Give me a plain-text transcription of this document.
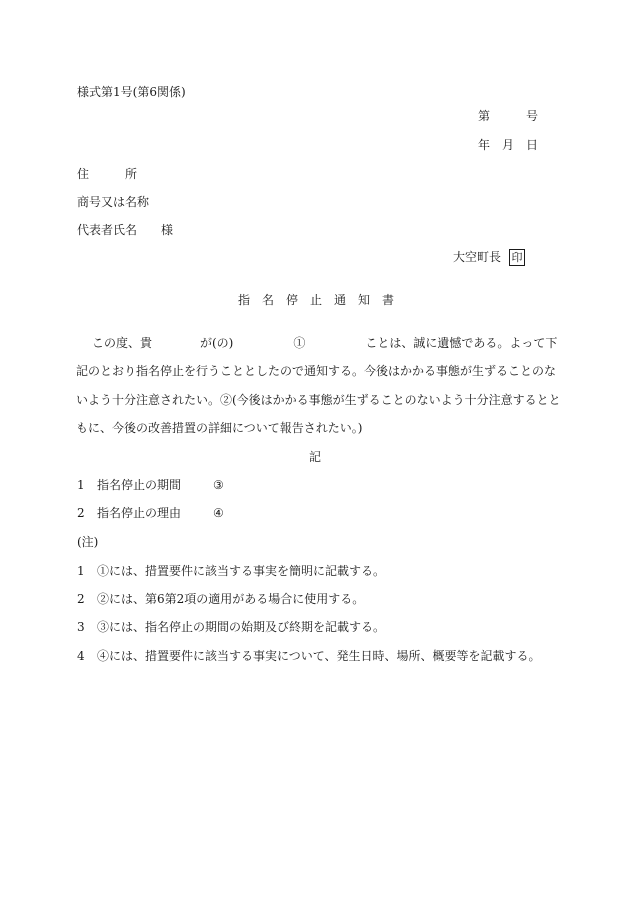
様式第1号(第6関係)
第　　　号
年　月　日
住　　　所
商号又は名称
代表者氏名 様
大空町長 印
指　名　停　止　通　知　書
この度、貴　　　　が(の)　　　　　①　　　　　ことは、誠に遺憾である。よって下
記のとおり指名停止を行うこととしたので通知する。今後はかかる事態が生ずることのな
いよう十分注意されたい。②(今後はかかる事態が生ずることのないよう十分注意するとと
もに、今後の改善措置の詳細について報告されたい。)
記
1 指名停止の期間	③
2 指名停止の理由	④
(注)
1 ①には、措置要件に該当する事実を簡明に記載する。
2 ②には、第6第2項の適用がある場合に使用する。
3 ③には、指名停止の期間の始期及び終期を記載する。
4 ④には、措置要件に該当する事実について、発生日時、場所、概要等を記載する。
